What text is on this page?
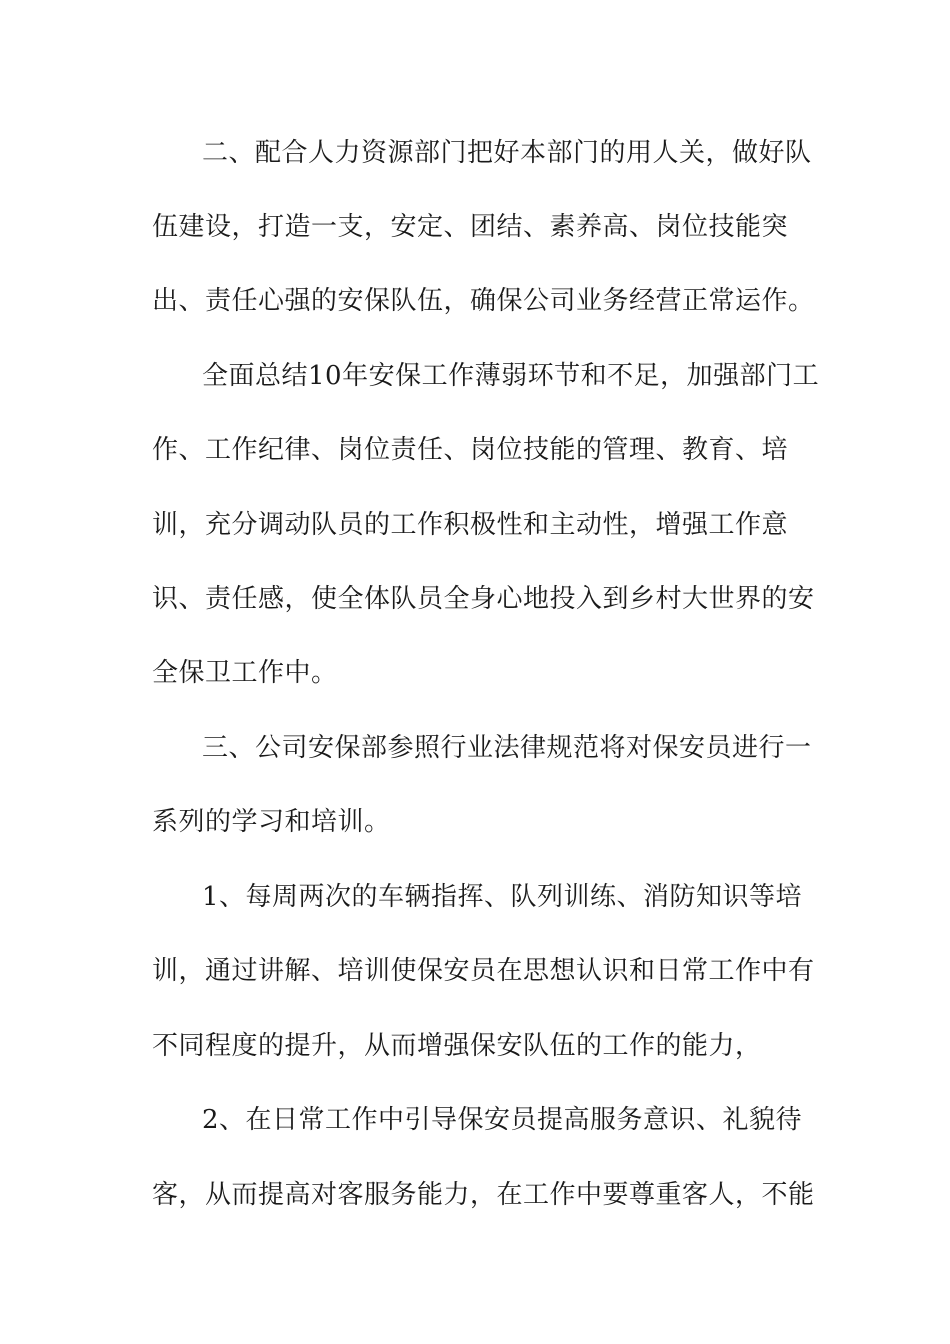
二、配合人力资源部门把好本部门的用人关，做好队
伍建设，打造一支，安定、团结、素养高、岗位技能突
出、责任心强的安保队伍，确保公司业务经营正常运作。
全面总结10年安保工作薄弱环节和不足，加强部门工
作、工作纪律、岗位责任、岗位技能的管理、教育、培
训，充分调动队员的工作积极性和主动性，增强工作意
识、责任感，使全体队员全身心地投入到乡村大世界的安
全保卫工作中。
三、公司安保部参照行业法律规范将对保安员进行一
系列的学习和培训。
1、每周两次的车辆指挥、队列训练、消防知识等培
训，通过讲解、培训使保安员在思想认识和日常工作中有
不同程度的提升，从而增强保安队伍的工作的能力，
2、在日常工作中引导保安员提高服务意识、礼貌待
客，从而提高对客服务能力，在工作中要尊重客人，不能
